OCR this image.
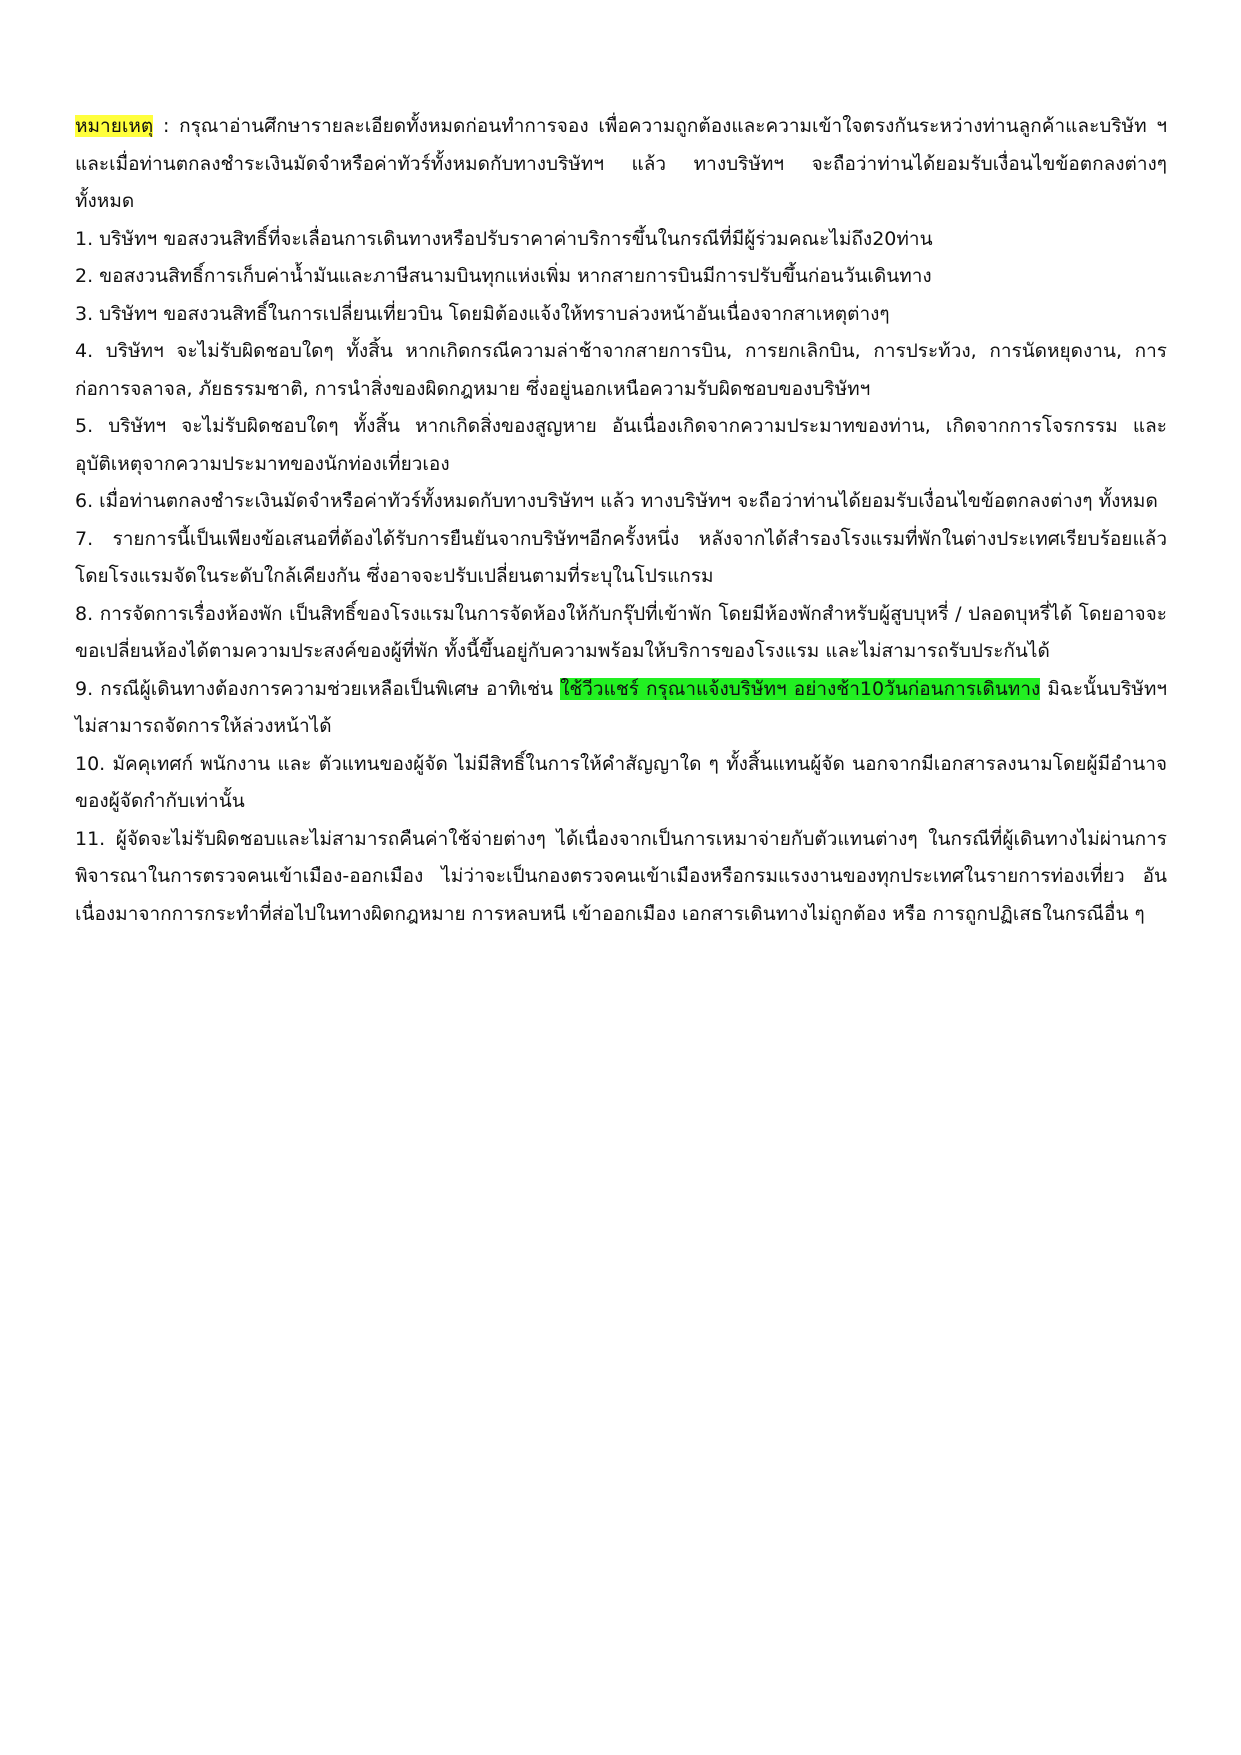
หมายเหตุ : กรุณาอ่านศึกษารายละเอียดทั้งหมดก่อนทำการจอง เพื่อความถูกต้องและความเข้าใจตรงกันระหว่างท่านลูกค้าและบริษัท ฯ และเมื่อท่านตกลงชำระเงินมัดจำหรือค่าทัวร์ทั้งหมดกับทางบริษัทฯ แล้ว ทางบริษัทฯ จะถือว่าท่านได้ยอมรับเงื่อนไขข้อตกลงต่างๆ ทั้งหมด

1. บริษัทฯ ขอสงวนสิทธิ์ที่จะเลื่อนการเดินทางหรือปรับราคาค่าบริการขึ้นในกรณีที่มีผู้ร่วมคณะไม่ถึง20ท่าน

2. ขอสงวนสิทธิ์การเก็บค่าน้ำมันและภาษีสนามบินทุกแห่งเพิ่ม หากสายการบินมีการปรับขึ้นก่อนวันเดินทาง

3. บริษัทฯ ขอสงวนสิทธิ์ในการเปลี่ยนเที่ยวบิน โดยมิต้องแจ้งให้ทราบล่วงหน้าอันเนื่องจากสาเหตุต่างๆ

4. บริษัทฯ จะไม่รับผิดชอบใดๆ ทั้งสิ้น หากเกิดกรณีความล่าช้าจากสายการบิน, การยกเลิกบิน, การประท้วง, การนัดหยุดงาน, การก่อการจลาจล, ภัยธรรมชาติ, การนำสิ่งของผิดกฎหมาย ซึ่งอยู่นอกเหนือความรับผิดชอบของบริษัทฯ

5. บริษัทฯ จะไม่รับผิดชอบใดๆ ทั้งสิ้น หากเกิดสิ่งของสูญหาย อันเนื่องเกิดจากความประมาทของท่าน, เกิดจากการโจรกรรม และอุบัติเหตุจากความประมาทของนักท่องเที่ยวเอง

6. เมื่อท่านตกลงชำระเงินมัดจำหรือค่าทัวร์ทั้งหมดกับทางบริษัทฯ แล้ว ทางบริษัทฯ จะถือว่าท่านได้ยอมรับเงื่อนไขข้อตกลงต่างๆ ทั้งหมด

7. รายการนี้เป็นเพียงข้อเสนอที่ต้องได้รับการยืนยันจากบริษัทฯอีกครั้งหนึ่ง หลังจากได้สำรองโรงแรมที่พักในต่างประเทศเรียบร้อยแล้ว โดยโรงแรมจัดในระดับใกล้เคียงกัน ซึ่งอาจจะปรับเปลี่ยนตามที่ระบุในโปรแกรม

8. การจัดการเรื่องห้องพัก เป็นสิทธิ์ของโรงแรมในการจัดห้องให้กับกรุ๊ปที่เข้าพัก โดยมีห้องพักสำหรับผู้สูบบุหรี่ / ปลอดบุหรี่ได้ โดยอาจจะขอเปลี่ยนห้องได้ตามความประสงค์ของผู้ที่พัก ทั้งนี้ขึ้นอยู่กับความพร้อมให้บริการของโรงแรม และไม่สามารถรับประกันได้

9. กรณีผู้เดินทางต้องการความช่วยเหลือเป็นพิเศษ อาทิเช่น ใช้วีวแชร์ กรุณาแจ้งบริษัทฯ อย่างช้า10วันก่อนการเดินทาง มิฉะนั้นบริษัทฯไม่สามารถจัดการให้ล่วงหน้าได้

10. มัคคุเทศก์ พนักงาน และ ตัวแทนของผู้จัด ไม่มีสิทธิ์ในการให้คำสัญญาใด ๆ ทั้งสิ้นแทนผู้จัด นอกจากมีเอกสารลงนามโดยผู้มีอำนาจของผู้จัดกำกับเท่านั้น

11. ผู้จัดจะไม่รับผิดชอบและไม่สามารถคืนค่าใช้จ่ายต่างๆ ได้เนื่องจากเป็นการเหมาจ่ายกับตัวแทนต่างๆ ในกรณีที่ผู้เดินทางไม่ผ่านการพิจารณาในการตรวจคนเข้าเมือง-ออกเมือง ไม่ว่าจะเป็นกองตรวจคนเข้าเมืองหรือกรมแรงงานของทุกประเทศในรายการท่องเที่ยว อันเนื่องมาจากการกระทำที่ส่อไปในทางผิดกฎหมาย การหลบหนี เข้าออกเมือง เอกสารเดินทางไม่ถูกต้อง หรือ การถูกปฏิเสธในกรณีอื่น ๆ
